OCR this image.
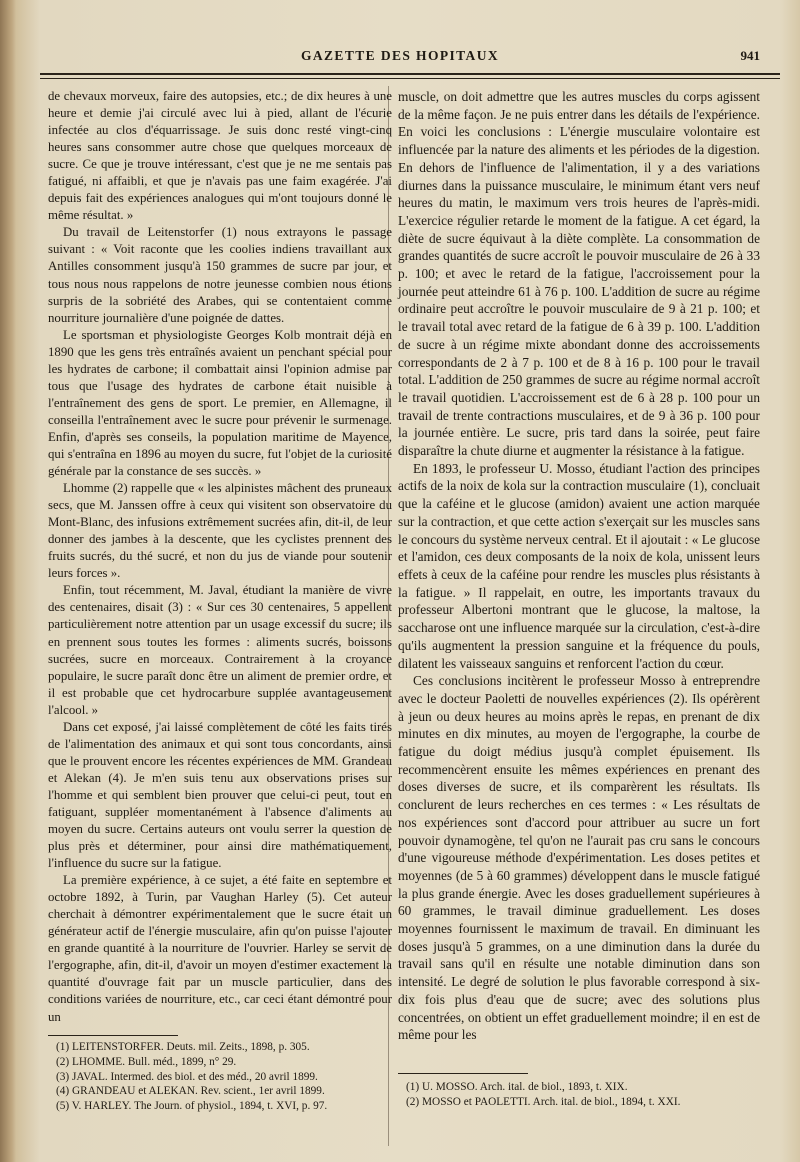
GAZETTE DES HOPITAUX	941

de chevaux morveux, faire des autopsies, etc.; de dix heures à une heure et demie j'ai circulé avec lui à pied, allant de l'écurie infectée au clos d'équarrissage. Je suis donc resté vingt-cinq heures sans consommer autre chose que quelques morceaux de sucre. Ce que je trouve intéressant, c'est que je ne me sentais pas fatigué, ni affaibli, et que je n'avais pas une faim exagérée. J'ai depuis fait des expériences analogues qui m'ont toujours donné le même résultat. »

Du travail de Leitenstorfer (1) nous extrayons le passage suivant : « Voit raconte que les coolies indiens travaillant aux Antilles consomment jusqu'à 150 grammes de sucre par jour, et tous nous nous rappelons de notre jeunesse combien nous étions surpris de la sobriété des Arabes, qui se contentaient comme nourriture journalière d'une poignée de dattes.

Le sportsman et physiologiste Georges Kolb montrait déjà en 1890 que les gens très entraînés avaient un penchant spécial pour les hydrates de carbone; il combattait ainsi l'opinion admise par tous que l'usage des hydrates de carbone était nuisible à l'entraînement des gens de sport. Le premier, en Allemagne, il conseilla l'entraînement avec le sucre pour prévenir le surmenage. Enfin, d'après ses conseils, la population maritime de Mayence, qui s'entraîna en 1896 au moyen du sucre, fut l'objet de la curiosité générale par la constance de ses succès. »

Lhomme (2) rappelle que « les alpinistes mâchent des pruneaux secs, que M. Janssen offre à ceux qui visitent son observatoire du Mont-Blanc, des infusions extrêmement sucrées afin, dit-il, de leur donner des jambes à la descente, que les cyclistes prennent des fruits sucrés, du thé sucré, et non du jus de viande pour soutenir leurs forces ».

Enfin, tout récemment, M. Javal, étudiant la manière de vivre des centenaires, disait (3) : « Sur ces 30 centenaires, 5 appellent particulièrement notre attention par un usage excessif du sucre; ils en prennent sous toutes les formes : aliments sucrés, boissons sucrées, sucre en morceaux. Contrairement à la croyance populaire, le sucre paraît donc être un aliment de premier ordre, et il est probable que cet hydrocarbure supplée avantageusement l'alcool. »

Dans cet exposé, j'ai laissé complètement de côté les faits tirés de l'alimentation des animaux et qui sont tous concordants, ainsi que le prouvent encore les récentes expériences de MM. Grandeau et Alekan (4). Je m'en suis tenu aux observations prises sur l'homme et qui semblent bien prouver que celui-ci peut, tout en fatiguant, suppléer momentanément à l'absence d'aliments au moyen du sucre. Certains auteurs ont voulu serrer la question de plus près et déterminer, pour ainsi dire mathématiquement, l'influence du sucre sur la fatigue.

La première expérience, à ce sujet, a été faite en septembre et octobre 1892, à Turin, par Vaughan Harley (5). Cet auteur cherchait à démontrer expérimentalement que le sucre était un générateur actif de l'énergie musculaire, afin qu'on puisse l'ajouter en grande quantité à la nourriture de l'ouvrier. Harley se servit de l'ergographe, afin, dit-il, d'avoir un moyen d'estimer exactement la quantité d'ouvrage fait par un muscle particulier, dans des conditions variées de nourriture, etc., car ceci étant démontré pour un

(1) LEITENSTORFER. Deuts. mil. Zeits., 1898, p. 305.
(2) LHOMME. Bull. méd., 1899, n° 29.
(3) JAVAL. Intermed. des biol. et des méd., 20 avril 1899.
(4) GRANDEAU et ALEKAN. Rev. scient., 1er avril 1899.
(5) V. HARLEY. The Journ. of physiol., 1894, t. XVI, p. 97.

muscle, on doit admettre que les autres muscles du corps agissent de la même façon. Je ne puis entrer dans les détails de l'expérience. En voici les conclusions : L'énergie musculaire volontaire est influencée par la nature des aliments et les périodes de la digestion. En dehors de l'influence de l'alimentation, il y a des variations diurnes dans la puissance musculaire, le minimum étant vers neuf heures du matin, le maximum vers trois heures de l'après-midi. L'exercice régulier retarde le moment de la fatigue. A cet égard, la diète de sucre équivaut à la diète complète. La consommation de grandes quantités de sucre accroît le pouvoir musculaire de 26 à 33 p. 100; et avec le retard de la fatigue, l'accroissement pour la journée peut atteindre 61 à 76 p. 100. L'addition de sucre au régime ordinaire peut accroître le pouvoir musculaire de 9 à 21 p. 100; et le travail total avec retard de la fatigue de 6 à 39 p. 100. L'addition de sucre à un régime mixte abondant donne des accroissements correspondants de 2 à 7 p. 100 et de 8 à 16 p. 100 pour le travail total. L'addition de 250 grammes de sucre au régime normal accroît le travail quotidien. L'accroissement est de 6 à 28 p. 100 pour un travail de trente contractions musculaires, et de 9 à 36 p. 100 pour la journée entière. Le sucre, pris tard dans la soirée, peut faire disparaître la chute diurne et augmenter la résistance à la fatigue.

En 1893, le professeur U. Mosso, étudiant l'action des principes actifs de la noix de kola sur la contraction musculaire (1), concluait que la caféine et le glucose (amidon) avaient une action marquée sur la contraction, et que cette action s'exerçait sur les muscles sans le concours du système nerveux central. Et il ajoutait : « Le glucose et l'amidon, ces deux composants de la noix de kola, unissent leurs effets à ceux de la caféine pour rendre les muscles plus résistants à la fatigue. » Il rappelait, en outre, les importants travaux du professeur Albertoni montrant que le glucose, la maltose, la saccharose ont une influence marquée sur la circulation, c'est-à-dire qu'ils augmentent la pression sanguine et la fréquence du pouls, dilatent les vaisseaux sanguins et renforcent l'action du cœur.

Ces conclusions incitèrent le professeur Mosso à entreprendre avec le docteur Paoletti de nouvelles expériences (2). Ils opérèrent à jeun ou deux heures au moins après le repas, en prenant de dix minutes en dix minutes, au moyen de l'ergographe, la courbe de fatigue du doigt médius jusqu'à complet épuisement. Ils recommencèrent ensuite les mêmes expériences en prenant des doses diverses de sucre, et ils comparèrent les résultats. Ils conclurent de leurs recherches en ces termes : « Les résultats de nos expériences sont d'accord pour attribuer au sucre un fort pouvoir dynamogène, tel qu'on ne l'aurait pas cru sans le concours d'une vigoureuse méthode d'expérimentation. Les doses petites et moyennes (de 5 à 60 grammes) développent dans le muscle fatigué la plus grande énergie. Avec les doses graduellement supérieures à 60 grammes, le travail diminue graduellement. Les doses moyennes fournissent le maximum de travail. En diminuant les doses jusqu'à 5 grammes, on a une diminution dans la durée du travail sans qu'il en résulte une notable diminution dans son intensité. Le degré de solution le plus favorable correspond à six-dix fois plus d'eau que de sucre; avec des solutions plus concentrées, on obtient un effet graduellement moindre; il en est de même pour les

(1) U. MOSSO. Arch. ital. de biol., 1893, t. XIX.
(2) MOSSO et PAOLETTI. Arch. ital. de biol., 1894, t. XXI.
